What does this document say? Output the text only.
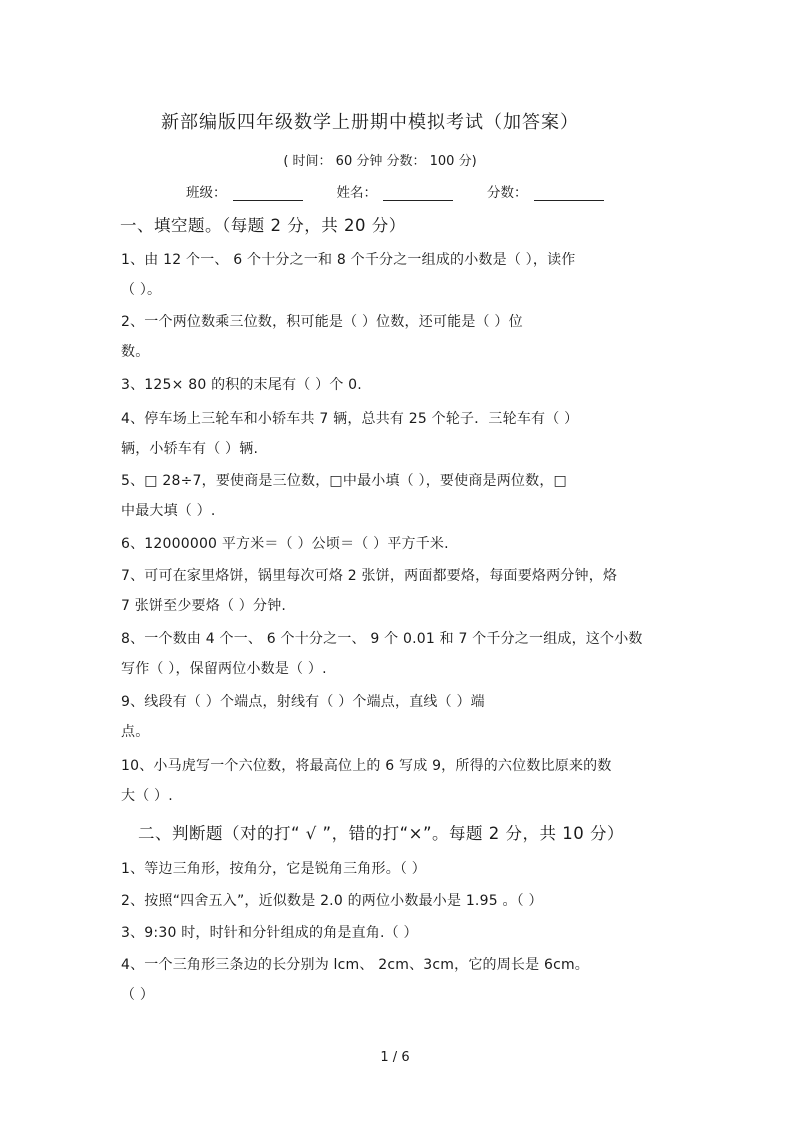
新部编版四年级数学上册期中模拟考试（加答案）
( 时间： 60 分钟 分数： 100 分)
班级：	姓名：	分数：
一、填空题。（每题 2 分，共 20 分）
1、由 12 个一、 6 个十分之一和 8 个千分之一组成的小数是（ ），读作
（ ）。
2、一个两位数乘三位数，积可能是（ ）位数，还可能是（ ）位
数。
3、125× 80 的积的末尾有（ ）个 0.
4、停车场上三轮车和小轿车共 7 辆，总共有 25 个轮子．三轮车有（ ）
辆，小轿车有（ ）辆.
5、□ 28÷7，要使商是三位数，□中最小填（ ），要使商是两位数，□
中最大填（ ）.
6、12000000 平方米＝（ ）公顷＝（ ）平方千米.
7、可可在家里烙饼，锅里每次可烙 2 张饼，两面都要烙，每面要烙两分钟，烙
7 张饼至少要烙（ ）分钟.
8、一个数由 4 个一、 6 个十分之一、 9 个 0.01 和 7 个千分之一组成，这个小数
写作（ ），保留两位小数是（ ）.
9、线段有（ ）个端点，射线有（ ）个端点，直线（ ）端
点。
10、小马虎写一个六位数，将最高位上的 6 写成 9，所得的六位数比原来的数
大（ ）.
二、判断题（对的打“ √ ”，错的打“×”。每题 2 分，共 10 分）
1、等边三角形，按角分，它是锐角三角形。（ ）
2、按照“四舍五入”，近似数是 2.0 的两位小数最小是 1.95 。（ ）
3、9:30 时，时针和分针组成的角是直角.（ ）
4、一个三角形三条边的长分别为 lcm、 2cm、3cm，它的周长是 6cm。
（ ）
1 / 6
